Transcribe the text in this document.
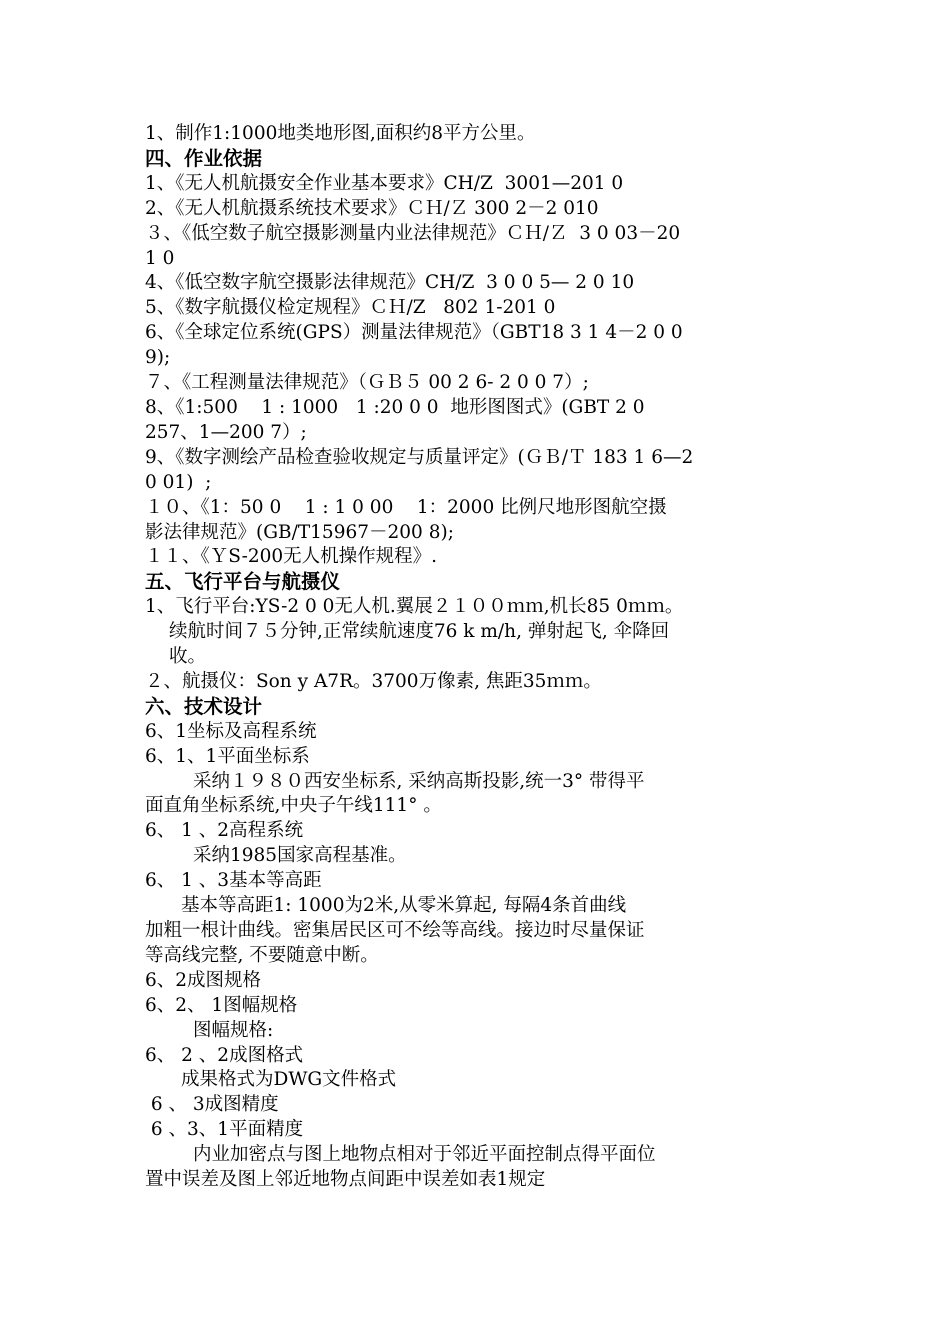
1、制作1:1000地类地形图,面积约8平方公里。
四、作业依据
1、《无人机航摄安全作业基本要求》CH/Z  3001—201 0
2、《无人机航摄系统技术要求》ＣＨ/Ｚ 300 2－2 010
３、《低空数子航空摄影测量内业法律规范》ＣＨ/Ｚ  3 0 03－20
1 0
4、《低空数字航空摄影法律规范》CH/Z  3 0 0 5— 2 0 10
5、《数字航摄仪检定规程》ＣＨ/Z   802 1-201 0
6、《全球定位系统(GPS）测量法律规范》（GBT18 3 1 4－2 0 0
9);
７、《工程测量法律规范》（ＧＢ５ 00 2 6- 2 0 0 7）;
8、《1:500    1 : 1000   1 :20 0 0  地形图图式》(GBT 2 0
257、1—200 7）;
9、《数字测绘产品检查验收规定与质量评定》(ＧＢ/Ｔ 183 1 6—2
0 01)  ;
１０、《1：50 0    1 : 1 0 00    1：2000 比例尺地形图航空摄
影法律规范》(GB/T15967－200 8);
１１、《ＹS-200无人机操作规程》.
五、飞行平台与航摄仪
1、飞行平台:YS-2 0 0无人机.翼展２１００ｍｍ,机长85 0ｍｍ。
续航时间７５分钟,正常续航速度76 k m/h, 弹射起飞, 伞降回
收。
２、航摄仪：Son y A7R。3700万像素, 焦距35ｍｍ。
六、技术设计
6、1坐标及高程系统
6、1、1平面坐标系
采纳１９８０西安坐标系, 采纳高斯投影,统一3° 带得平
面直角坐标系统,中央子午线111° 。
6、 1 、2高程系统
采纳1985国家高程基准。
6、 1 、3基本等高距
基本等高距1: 1000为2米,从零米算起, 每隔4条首曲线
加粗一根计曲线。密集居民区可不绘等高线。接边时尽量保证
等高线完整, 不要随意中断。
6、2成图规格
6、2、 1图幅规格
图幅规格:
6、 2 、2成图格式
成果格式为DWG文件格式
6 、 3成图精度
6 、3、1平面精度
内业加密点与图上地物点相对于邻近平面控制点得平面位
置中误差及图上邻近地物点间距中误差如表1规定
